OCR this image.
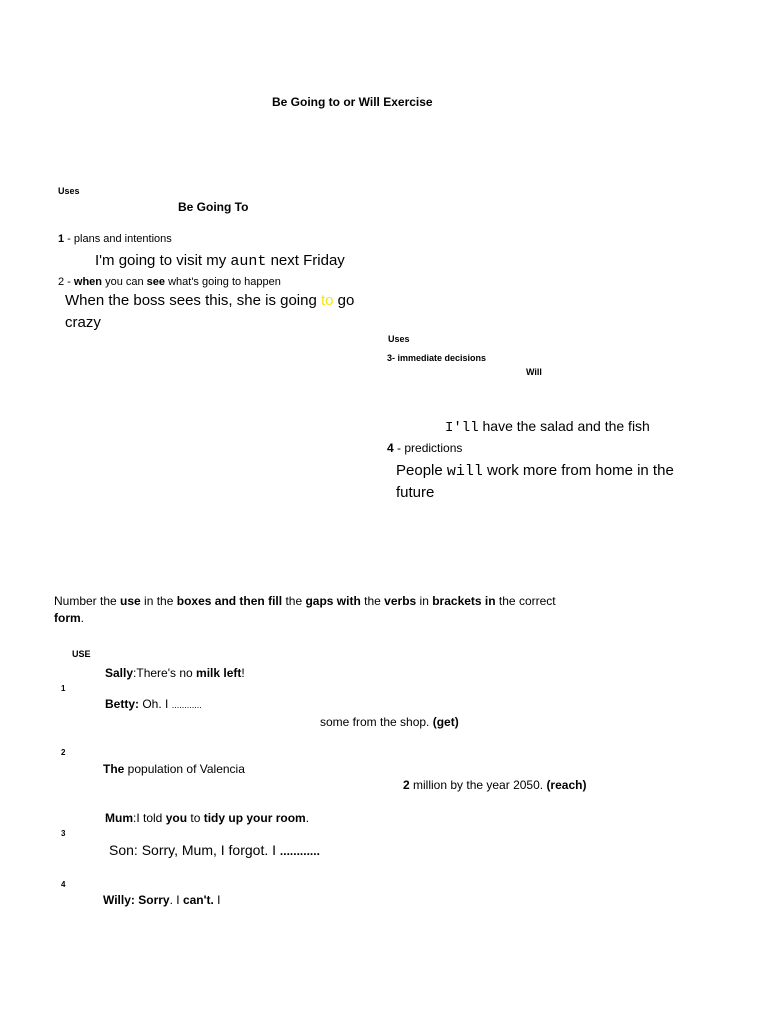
Be Going to or Will Exercise
Uses
Be Going To
1 - plans and intentions
I'm going to visit my aunt next Friday
2 - when you can see what's going to happen
When the boss sees this, she is going to go
crazy
Uses
3- immediate decisions
Will
I'll have the salad and the fish
4 - predictions
People will work more from home in the
future
Number the use in the boxes and then fill the gaps with the verbs in brackets in the correct
form.
USE
Sally:There's no milk left!
1
Betty: Oh. I ............
some from the shop. (get)
2
The population of Valencia
2 million by the year 2050. (reach)
Mum:I told you to tidy up your room.
3
Son: Sorry, Mum, I forgot. I ............
4
Willy: Sorry. I can't. I
